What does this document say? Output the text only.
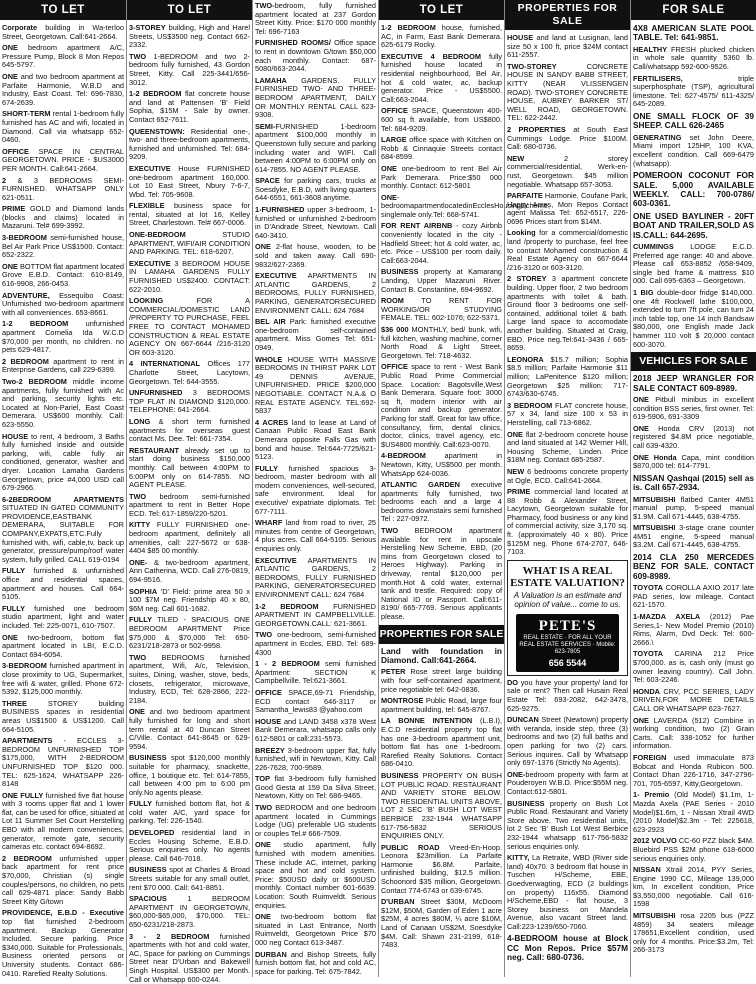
TO LET

Corporate building in Wa-terloo Street, Georgetown. Call:641-2664.

ONE bedroom apartment A/C, Pressure Pump, Block 8 Mon Repos 645-5797.

ONE and two bedroom apartment at Parfaite Harmonie, W.B.D and Industry, East Coast. Tel: 696-7830, 674-2639.

SHORT-TERM rental 1-bedroom fully furnished has AC and wifi, located in Diamond. Call via whatsapp 652-0460.

OFFICE SPACE IN CENTRAL GEORGETOWN. PRICE - $US3000 PER MONTH. Call:641-2664.

2 & 3 BEDROOMS SEMI-FURNISHED. WHATSAPP ONLY 621-0511.

PRIME GOLD and Diamond lands (blocks and claims) located in Mazaruni. Tel# 699-3992.

3-BEDROOM semi-furnished house, Bel Air Park Price US$1500. Contact: 652-2322.

ONE BOTTOM flat apartment located Grove E.B.D. Contact: 610-8149, 616-9908, 266-0453.

ADVENTURE, Essequibo Coast: Unfurnished two-bedroom apartment with all conveniences. 653-8661.

1-2 BEDROOM unfurnished apartment Cornelia Ida W.C.D $70,000 per month, no children. no pets 629-4817.

2 BEDROOM apartment to rent in Enterprise Gardens, call 229-6399.

Two-2 BEDROOM middle income apartments, fully furnished with Ac and parking, security lights etc. Located at Non-Pariel, East Coast Demerara. US$600 monthly. Call: 623-5550.

HOUSE to rent, 4 bedroom, 3 Baths fully furnished inside and outside parking, wifi, cable fully air conditioned, generator, washer and dryer. Location Lamaha Gardens Georgetown, price #4,000 USD call 679-2966.

6-2BEDROOM APARTMENTS SITUATED IN GATED COMMUNITY PROVIDENCE,EASTBANK DEMERARA, SUITABLE FOR COMPANY,EXPATS,ETC.Fully furnished with, wifi, cable,tv, back up generator, pressure/pump/roof water system, fully grilled. CALL 619-0194

FULLY furnished & unfurnished office and residential spaces, apartment and houses. Call 664-5105.

FULLY furnished one bedroom studio apartment, light and water included. Tel: 225-0071, 610-7507.

ONE two-bedroom, bottom flat apartment located in LBI, E.C.D. Contact 694-6054.

3-BEDROOM furnished apartment in close proximity to UG, Supermarket, free wifi & water, grilled. Phone 672-5392, $125,000 monthly.

THREE STOREY building BUSINESS spaces in residential areas US$1500 & US$1200. Call 664-5105.

APARTMENTS - ECCLES 3-BEDROOM UNFURNISHED TOP $175,000, WITH 2-BEDROOM UNFURNISHED TOP $120 000. TEL: 625-1624, WHATSAPP 226-8148

ONE FULLY furnished five flat house with 3 rooms upper flat and 1 lower flat, can be used for office, situated at Lot 11 Summer Set Court Herstelling EBD with all modern conveniences, generator, remote gate, security cameras etc. contact 694-8692.

2 BEDROOM unfurnished upper back apartment for rent price $70,000, Christian (s) single couples/persons, no children, no pets call 629-4871 place: Sandy Babb Street Kitty G/town

PROVIDENCE, E.B.D - Executive top flat furnished 2-bedroom apartment. Backup Generator Included. Secure parking. Price $340,000. Suitable for Professionals, Business oriented persons or University students. Contact 686-0410. Rarefied Realty Solutions.

TO LET

3-STOREY building, High and Harel Streets, US$3500 neg. Contact 662-2332.

TWO 1-BEDROOM and two 2-bedroom fully furnished, 43 Gordon Street, Kitty. Call 225-3441/656-3012.

1-2 BEDROOM flat concrete house and land at Pattensen 'B' Field Sophia, $15M - Sale by owner. Contact 652-7611.

QUEENSTOWN: Residential one-, two- and three-bedroom apartments, furnished and unfurnished. Tel: 684-9209.

EXECUTIVE House FURNISHED one-bedroom apartment 160,000. Lot 10 East Street, Nbury 7-6-7, Wbd. Tel: 705-9608.

FLEXIBLE business space for rental, situated at lot 16, Kelley Street, Charlestown. Tel# 667-0006.

ONE-BEDROOM STUDIO APARTMENT, WIFI/AIR CONDITION AND PARKING. TEL: 618-6207.

EXECUTIVE 3 BEDROOM HOUSE IN LAMAHA GARDENS FULLY FURNISHED US$2400. CONTACT: 622-2010.

LOOKING FOR A COMMERCIAL/DOMESTIC LAND /PROPERTY TO PURCHASE, FEEL FREE TO CONTACT MOHAMED CONSTRUCTION & REAL ESTATE AGENCY ON 667-6644 /216-3120 OR 603-3120.

4 INTERNATIONAL Offices 177 Charlotte Street, Lacytown, Georgetown. Tel: 644-3555.

UNFURNISHED 3 BEDROOMS TOP FLAT IN DIAMOND $120,000. TELEPHONE: 641-2664.

LONG & short term furnished apartments for overseas guest contact Ms. Dee. Tel: 661-7354.

RESTAURANT already set up to start doing business $150,000 monthly. Call between 4:00PM to 6:00PM only on 614-7855. NO AGENT PLEASE.

TWO bedroom semi-furnished apartment to rent in Better Hope ECD. Tel: 617-1859/220-5201.

KITTY FULLY FURNISHED one-bedroom apartment, definitely all amenities, call: 227-5672 or 638-4404 $85 00 monthly.

ONE- & two-bedroom apartment, Ann Catherina, WCD. Call 276-0819, 694-9516.

SOPHIA 'D' Field: prime area 50 x 100 $7M neg. Friendship 40 x 80, $6M neg. Call 601-1682.

FULLY TILED - SPACIOUS ONE BEDROOM APARTMENT Price $75,000 & $70,000 Tel: 650-6231/218-2873 or 502-9958.

TWO BEDROOMS furnished apartment, Wifi, A/c, Television, suites, Dining, washer, stove, beds, closets, refrigerator, microwave, Industry, ECD, Tel: 628-2866, 222-2184.

ONE and two bedroom apartment fully furnished for long and short term rental at 40 Duncan Street C/Ville. Contact 641-8645 or 629-9594.

BUSINESS spot $120,000 monthly suitable for pharmacy, snackette, office, 1 boutique etc. Tel: 614-7855, call between 4:00 pm to 6:00 pm only.No agents please.

FULLY furnished bottom flat, hot & cold water A/C, yard space for parking. Tel: 226-1540.

DEVELOPED residential land in Eccles Housing Scheme, E.B.D. Serious enquiries only. No agents please. Call 646-7018.

BUSINESS spot at Charles & Broad Streets suitable for any small outlet, rent $70 000. Call: 641-8851.

SPACIOUS 1 BEDROOM APARTMENT IN GEORGETOWN, $60,000-$65,000, $70,000. TEL: 650-6231/218-2873.

3 - 2 BEDROOM furnished apartments with hot and cold water, AC, Space for parking on Cummings Street near D'Urban and Bakewell Singh Hospital. US$300 per Month. Call or Whatsapp 600-0244.

TWO-bedroom, fully furnished apartment located at 237 Gordon Street Kitty. Price: $170 000 monthly Tel: 696-7163

FURNISHED ROOMS/ Office space to rent in downtown G/town $50,000 each monthly. Contact: 687-5080/663-2044.

LAMAHA GARDENS. FULLY FURNISHED TWO- AND THREE-BEDROOM APARTMENT, DAILY OR MONTHLY RENTAL CALL 623-9308.

SEMI-FURNISHED 1-bedroom apartment $100,000 monthly in Queenstown fully secure and parking including water and WIFI. Call between 4:00PM to 6:00PM only on 614-7855. NO AGENT PLEASE.

SPACE for parking cars, trucks at Soesdyke, E.B.D, with living quarters 644-6551, 661-3608 anytime.

1-FURNISHED upper 3-bedroom, 1-furnished or unfurnished 2-bedroom in D'Andrade Street, Newtown. Call 640-3410.

ONE 2-flat house, wooden, to be sold and taken away. Call 690-9832/627-2369.

EXECUTIVE APARTMENTS IN ATLANTIC GARDENS, 2 BEDROOMS, FULLY FURNISHED, PARKING, GENERATORSECURED ENVIRONMENT CALL: 624 7684

BEL AIR Park: furnished executive one-bedroom self-contained apartment. Miss Gomes Tel: 651-0949.

WHOLE HOUSE WITH MASSIVE BEDROOMS IN THIRST PARK LOT 49 DENNIS AVENUE, UNFURNISHED. PRICE $200,000 NEGOTIABLE. CONTACT N.A.& O REAL ESTATE AGENCY. TEL:692-5837

4 ACRES land to lease at Land of Canaan Public Road East Bank Demerara opposite Falls Gas with bond and house. Tel:644-7725/621-5123.

FULLY furnished spacious 3-bedroom, master bedroom with all modern conveniences, well-secured, safe environment. Ideal for executive/ expatriate diplomats. Tel: 677-7111.

WHARF land from road to river, 25 minutes from centre of Georgetown, 4 plus acres. Call 664-5105. Serious enquiries only.

EXECUTIVE APARTMENTS IN ATLANTIC GARDENS, 2 BEDROOMS, FULLY FURNISHED PARKING, GENERATORSECURED ENVIRONMENT CALL: 624 7684

1-2 BEDROOM FURNISHED APARTMENT IN CAMPBELLVILLE. GEORGETOWN.CALL: 621-3661.

TWO one-bedroom, semi-furnished apartment in Eccles, EBD. Tel: 689-4300

1 - 2 BEDROOM semi furnished Apartment: SECTION K Campbellville. Tel:621-3661.

OFFICE SPACE,69-71 Friendship, ECD contact 646-3117 or Samantha_lewis83 @yahoo.com

HOUSE and LAND 3458 x378 West Bank Demerara, whatsapp calls only 612-5801 or call:231-5573.

BREEZY 3-bedroom upper flat, fully furnished, wifi in Newtown, Kitty. Call 226-7628, 700-9589.

TOP flat 3-bedroom fully furnished Good Gesta at 159 Da Silva Street, Newtown, Kitty on Tel: 686-9465.

TWO BEDROOM and one bedroom apartment located in Cummings Lodge (UG) preferable UG students or couples Tel.# 666-7509.

ONE studio apartment, fully furnished with modern amenities. These include AC, internet, parking space and hot and cold system. Price: $50USD daily or $600USD monthly. Contact number 601-6639. Location: South Ruimveldt. Serious enquiries.

ONE two-bedroom bottom flat situated in Last Entrance, North Ruimveldt, Georgetown Price $70 000 neg Contact 613-3487.

DURBAN and Bishop Streets, fully furnish bottom flat, hot and cold AC, space for parking. Tel: 675-7842.

TO LET

1-2 BEDROOM house, furnished, AC, in Farm, East Bank Demerara. 625-6179 Rocky.

EXECUTIVE 4 BEDROOM fully furnished house located in residential neighbourhood, Bel Air, hot & cold water, ac, backup generator. Price - US$5500. Call:663-2044.

OFFICE SPACE, Queenstown 400-600 sq ft available, from US$800. Tel: 684-9209.

LARGE office space with Kitchen on Robb & Cinnaquie Streets contact 684-8599.

ONE one-bedroom to rent Bel Air Park Demerara. Price:$50 000 monthly. Contact: 612-5801

ONE-bedroomapartmentlocatedinEcclesHousingScheme, singlemale only.Tel: 668-5741.

FOR RENT AIRBNB - cozy Airbnb conveniently located in the city - Hadfield Street; hot & cold water, ac, etc. Price - US$100 per room daily. Call:663-2044.

BUSINESS property at Kamarang Landing, Upper Mazaruni River. Contact B. Constantine, 694-9692.

ROOM TO RENT FOR WORKING/OR STUDYING FEMALE. TEL: 602-1076; 622-5371.

$36 000 MONTHLY, bed/ bunk, wifi, full kitchen, washing machine, corner North Road & Light Street, Georgetown. Tel: 718-4632.

OFFICE space to rent - West Bank Public Road Prime Commercial Space. Location: Bagotsville,West Bank Demerara. Square foot: 3000 sq ft, modern interior with air condition and backup generator. Parking for staff. Great for law office, consultancy, firm, dental clinics, doctor, clinics, travel agency, etc. $US4800 monthly. Call:623-0070.

4-BEDROOM apartment in Newtown, Kitty, US$500 per month. WhatsApp 624-0036.

ATLANTIC GARDEN executive apartments fully furnished, two bedrooms each and a large 4 bedrooms downstairs semi furnished Tel : 227-0972.

TWO BEDROOM apartment available for rent in upscale Herstelling New Scheme, EBD, (20 mins from Georgetown closed to Heroes Highway). Parking in driveway, rental $120,000 per month.Hot & cold water, external tank and trestle. Required: copy of National ID or Passport. Call:611-8190/ 665-7769. Serious applicants please.

PROPERTIES FOR SALE

Land with foundation in Diamond. Call:641-2664.

PETER Rose street large building with four self-contained apartment, price negotiable tel: 642-0836.

MONTROSE Public Road, large four apartment building, tel: 645-8767.

LA BONNE INTENTION (L.B.I), E.C.D residential property top flat has one 3-bedroom apartment unit, bottom flat has one 1-bedroom. Rarefied Realty Solutions. Contact 686-0410.

BUSINESS PROPERTY ON BUSH LOT PUBLIC ROAD. RESTAURANT AND VARIETY STORE BELOW. TWO RESIDENTIAL UNITS ABOVE, LOT 2 SEC 'B' BUSH LOT WEST BERBICE 232-1944 WHATSAPP 617-756-5832 SERIOUS ENQUIRIES ONLY.

PUBLIC ROAD Vreed-En-Hoop. Leonora $23million. La Parfaite Harmonie $6.8M. Parfaite, unfinished building, $12.5 million. Schoonord $35 million, Georgetown. Contact 774-6743 or 639-6745.

D'URBAN Street $30M, McDoom $12M, $50M, Garden of Eden 1 acre $25M, 4 acres $80M, ¼ acre $10M, Land of Canaan US$2M, Soesdyke $4M. Call: Shawn 231-2199, 618-7483.

PROPERTIES FOR SALE

HOUSE and land at Lusignan, land size 50 x 100 ft, price $24M contact 611-2557.

TWO-STOREY CONCRETE HOUSE IN SANDY BABB STREET, KITTY (NEAR VLISSENGEN ROAD). TWO-STOREY CONCRETE HOUSE, AUBREY BARKER ST/ WELL ROAD, GEORGETOWN. TEL: 622-2442.

2 PROPERTIES at South East Cummings Lodge. Price $100M. Call: 680-0736.

NEW 2 storey commercial/residential, Werk-en-rust, Georgetown. $45 million negotiable. Whatsapp 657-3053.

PARFAITE Harmonie, Coufane Park, Happy Acres, Mon Repos Contact agent Malissa Tel: 652-6517, 226-0696 Prices start from $14M.

Looking for a commercial/domestic land /property to purchase, feel free to contact Mohamed construction & Real Estate Agency on 667-6644 /216-3120 or 603-3120.

2 STOREY 3 apartment concrete building. Upper floor, 2 two bedroom apartments with toilet & bath. Ground floor 3 bedrooms one self-contained, additional toilet & bath. Large land space to accomodate another building. Situated at Craig, EBD. Price neg.Tel:641-3436 / 665-8659.

LEONORA $15.7 million; Sophia $8.5 million; Parfaite Harmonie $11 million; LaPenitence $120 million; Georgetown $25 million: 717-6743/630-6745.

3 BEDROOM FLAT concrete house, 57 x 34, land size 100 x 53 in Herstelling, call 713-6862.

ONE flat 2-bedroom concrete house and land situated at 142 Werner Hill, Housing Scheme, Linden. Price $18M neg. Contact 685-2587.

NEW 6 bedrooms concrete property at Ogle, ECD. Call:641-2664.

PRIME commercial land located at 88 Robb & Alexander Street, Lacytown, Georgetown suitable for Pharmacy, food business or any kind of commercial activity, size 3,170 sq. ft. (approximately 40 x 80). Price $125M neg. Phone 674-2707, 646-7103.

WHAT IS A REAL ESTATE VALUATION?
A Valuation is an estimate and opinion of value... come to us.
PETE'S
REAL ESTATE · FOR ALL YOUR REAL ESTATE SERVICES · Mobile: 623-7805
656 5544

DO you have your property/ land for sale or rent? Then call Husain Real Estate Tel: 693-2082, 642-3478, 625-9275.

DUNCAN Street (Newtown) property with veranda, inside step, three (3) bedrooms and two (2) full baths and open parking for two (2) cars. Serious inquires. Call by Whatsapp only 697-1376 (Strictly No Agents).

ONE-bedroom property with farm at Pouderoyen W.B.D. Price:$55M neg. Contact:612-5801.

BUSINESS property on Bush Lot Public Road. Restaurant and Variety Store above. Two residential units, lot 2 Sec 'B' Bush Lot West Berbice 232-1944 whatsapp 617-756-5832 serious enquiries only.

KITTY, La Retraite, WBD (River side land) 40x70. 3 bedroom flat house in Tuschen H/Scheme, EBE, Goedverwagting, ECD (2 buildings on property) 116x55. Diamond H/Scheme,EBD - flat house, 3 Storey business on Mandela Avenue, also vacant Street land. Call:223-1239/650-7060.

4-BEDROOM house at Block CC Mon Repos. Price $57M neg. Call: 680-0736.

FOR SALE

4X8 AMERICAN SLATE POOL TABLE. Tel: 641-9851.

HEALTHY FRESH plucked chicken in whole sale quantity 5360 lb. Call/whatsapp 592-600-9526.

FERTILISERS, triple superphosphate (TSP), agricultural limestone. Tel: 627-4575/ 611-4325/ 645-2089.

ONE SMALL FLOCK OF 39 SHEEP. CALL 626-2465

GENERATING set John Deere, Miami import 125HP, 100 KVA, excellent condition. Call 669-6479 (whatsapp).

POMEROON COCONUT FOR SALE. 5,000 AVAILABLE WEEKLY. CALL: 700-0786/ 603-0361.

ONE USED BAYLINER - 20FT BOAT AND TRAILER,SOLD AS IS.CALL: 644-2695.

CUMMINGS LODGE E.C.D. Preferred age range: 40 and above. Please call 653-8852 /658-9409, single bed frame & mattress $10 000. Call 695-6363 – Georgetown.

1 BIG double-door fridge $140,000. one 4ft Rockwell lathe $100,000, extended to turn 7ft pole, can turn 24 inch table top, one 14 inch Bandsaw $80,000, one English made Jack hammer 110 volt $ 20,000 contact 600-3070.

VEHICLES FOR SALE

2018 JEEP WRANGLER FOR SALE CONTACT 609-8989.

ONE Pitbull minibus in excellent condition BSS series, first owner. Tel: 619-5906, 691-3309

ONE Honda CRV (2013) not registered $4.8M price negotiable, call 639-4320.

ONE Honda Capa, mint condition $870,000 tel: 614-7791.

NISSAN Qashqai (2015) sell as is. Call 657-2934.

MITSUBISHI flatbed Canter 4M51 manual pump, 5-speed manual $1.9M. Call 671-4445, 638-4755.

MITSUBISHI 3-stage crane counter 4M51 engine, 5-speed manual $3.2M. Call 671-4445, 638-4755.

2014 CLA 250 MERCEDES BENZ FOR SALE. CONTACT 609-8989.

TOYOTA COROLLA AXIO 2017 late PAD series, low mileage. Contact 621-1570.

1-MAZDA AXELA (2012) Pae Series,1- New Model Premio (2010) Rims, Alarm, Dvd Deck. Tel: 600-2666.\

TOYOTA CARINA 212 Price $700,000. as is, cash only (must go owner leaving country). Call John. Tel: 603-2246.

HONDA CRV, PCC SERIES, LADY DRIVEN,FOR MORE DETAILS CALL OR WHATSAPP 623-7627.

ONE LAVERDA (512) Combine in working condition, two (2) Grain Carts. Call: 338-1052 for further information.

FOREIGN used immaculate 873 Bobcat and Honda Rubicon 500. Contact Dhan 226-1716, 347-2796-701, 705-6597, Kitty,Georgetown.

1- Premio (Old Model) $1.1m, 1- Mazda Axela (PAE Series - 2010 Model)$1.6m, 1 - Nissan Xtrail 4WD (2010 Model)$2.3m - Tel: 225618, 623-2923

2012 VOLVO CC-60 PZZ black $4M. Bluebird PSS $2M phone 618-6000 serious enquiries only.

NISSAN Xtrail 2014, PYY Series, Engine 1990 CC, Mileage 139,000 km, In excellent condition, Price $3,550,000 negotiable. Call 616-1598

MITSUBISHI rosa 2205 bus (PZZ 4859) 34 seaters mileage 178651,Excellent condition, used only for 4 months. Price:$3.2m, Tel: 266-3173
